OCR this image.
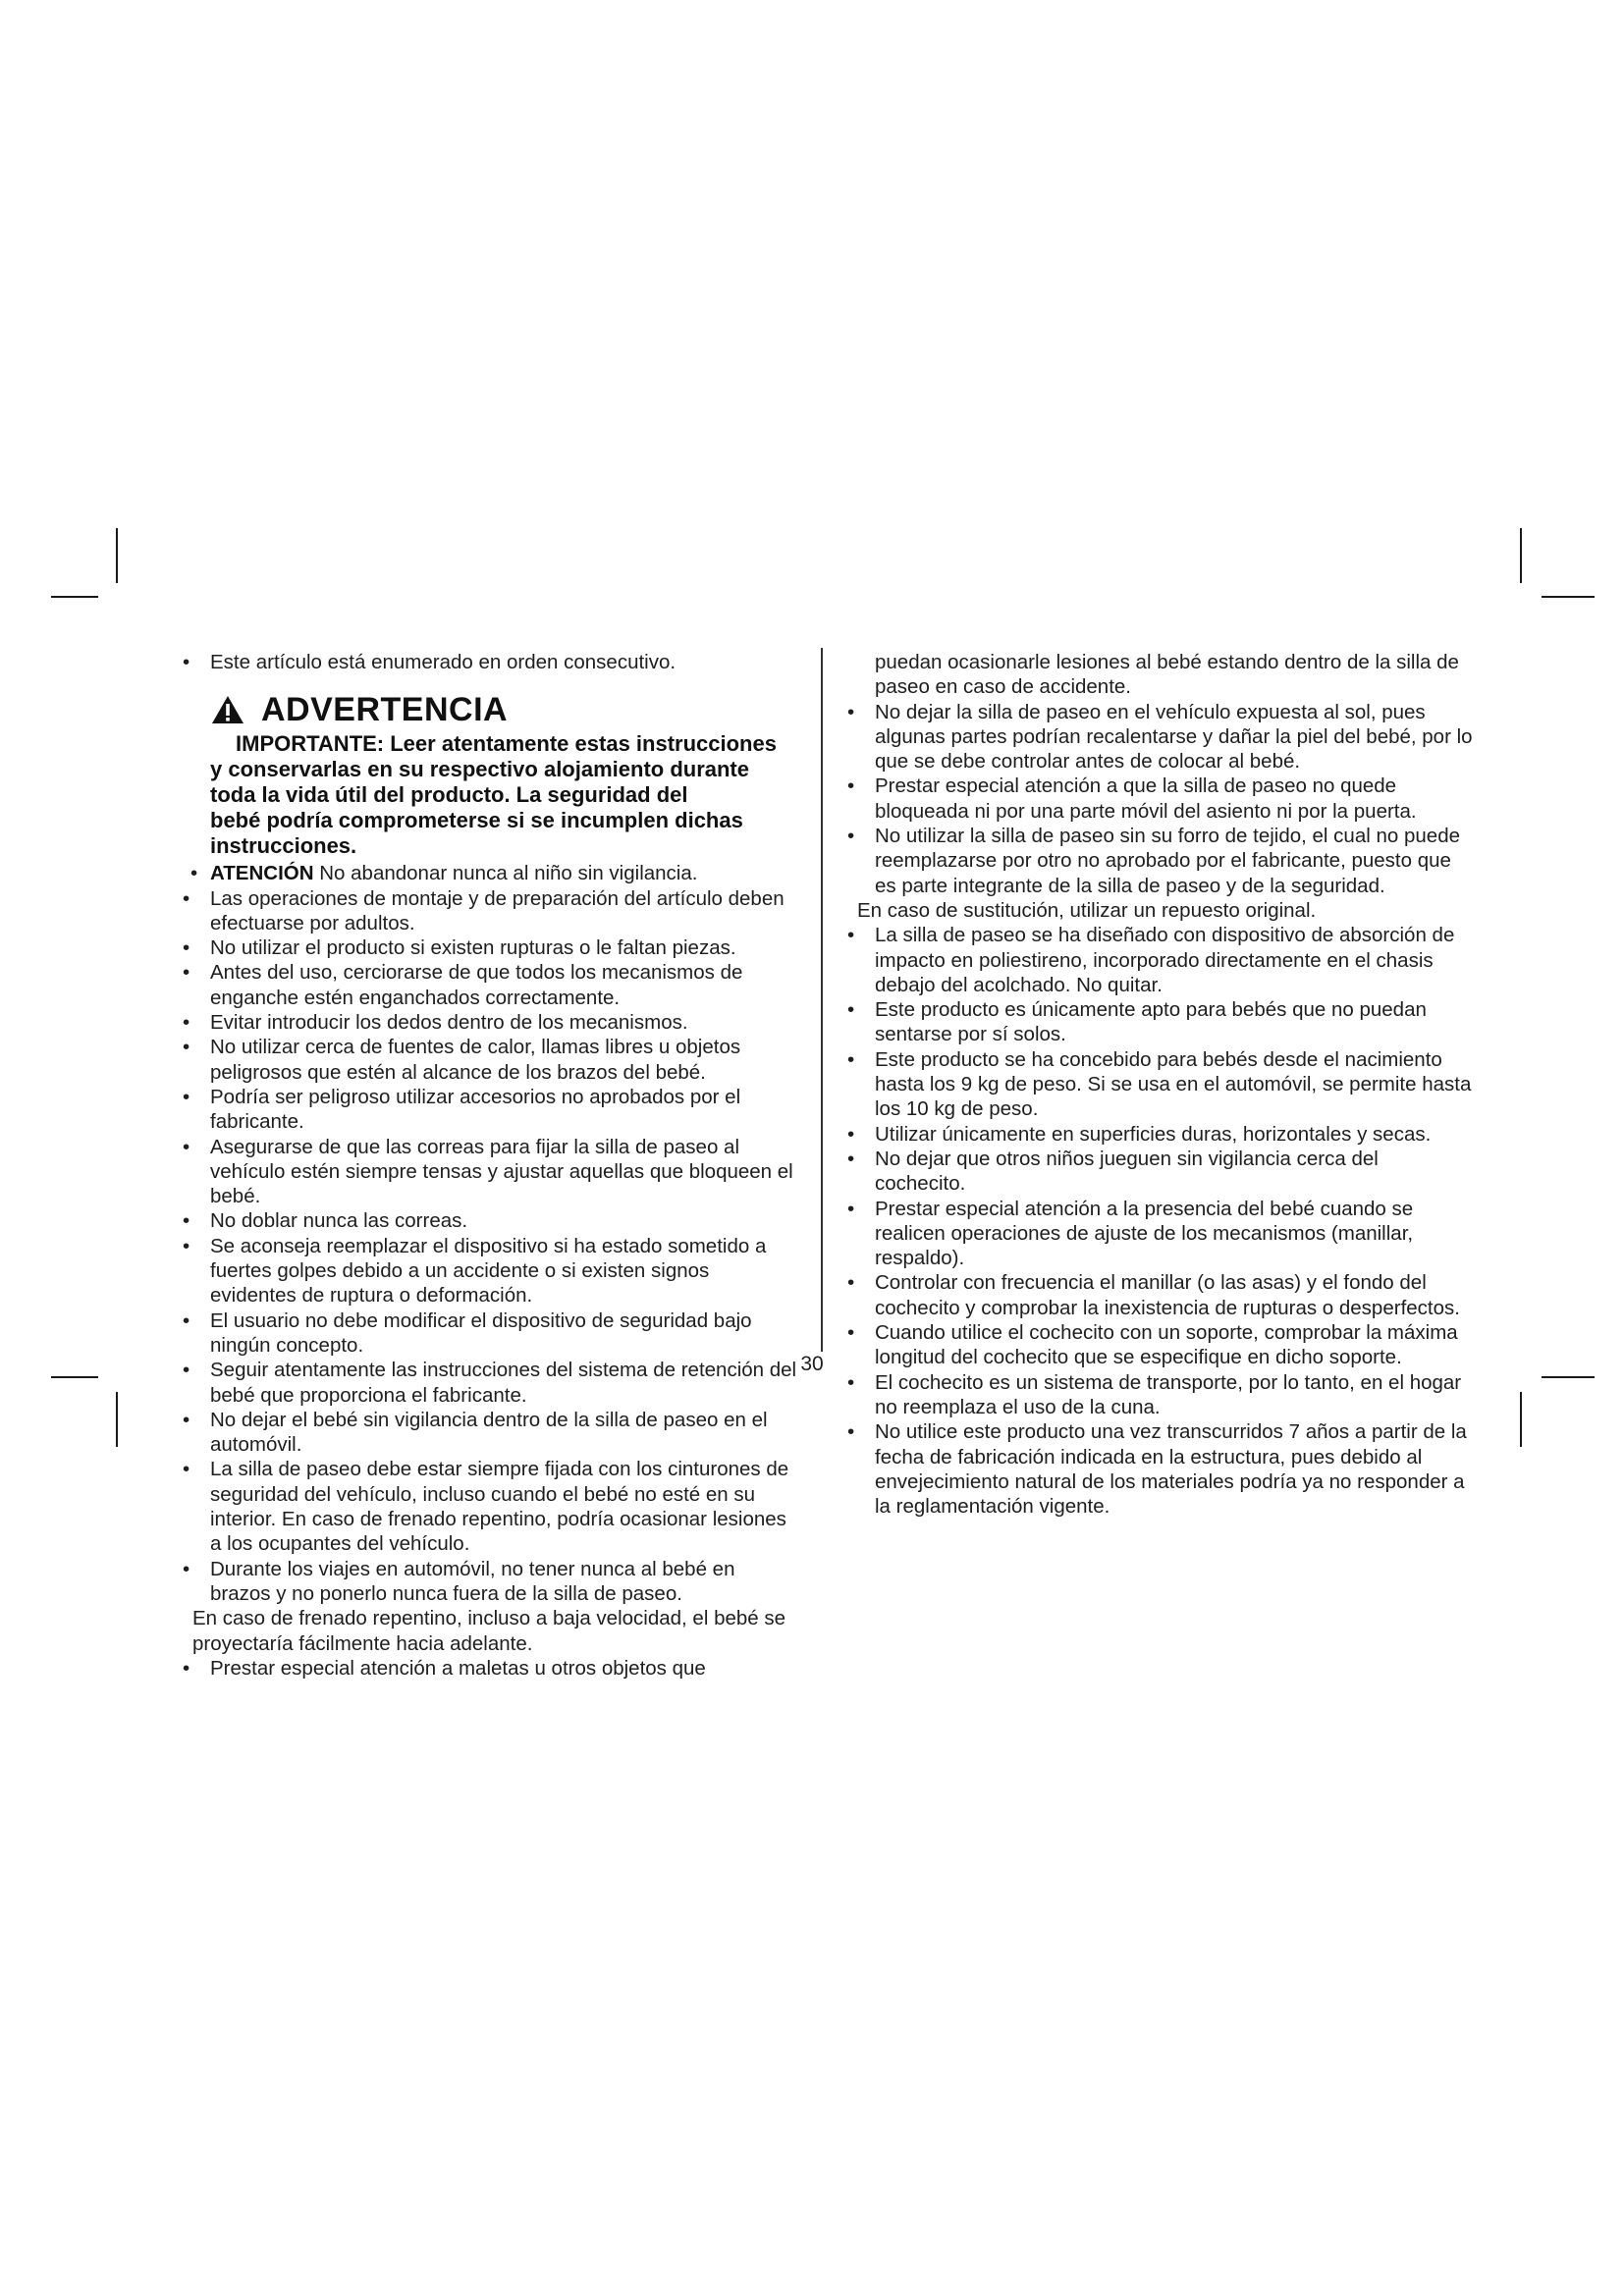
• Este artículo está enumerado en orden consecutivo.
ADVERTENCIA
IMPORTANTE: Leer atentamente estas instrucciones
y conservarlas en su respectivo alojamiento durante
toda la vida útil del producto. La seguridad del
bebé podría comprometerse si se incumplen dichas
instrucciones.
• ATENCIÓN No abandonar nunca al niño sin vigilancia.
• Las operaciones de montaje y de preparación del artículo deben efectuarse por adultos.
• No utilizar el producto si existen rupturas o le faltan piezas.
• Antes del uso, cerciorarse de que todos los mecanismos de enganche estén enganchados correctamente.
• Evitar introducir los dedos dentro de los mecanismos.
• No utilizar cerca de fuentes de calor, llamas libres u objetos peligrosos que estén al alcance de los brazos del bebé.
• Podría ser peligroso utilizar accesorios no aprobados por el fabricante.
• Asegurarse de que las correas para fijar la silla de paseo al vehículo estén siempre tensas y ajustar aquellas que bloqueen el bebé.
• No doblar nunca las correas.
• Se aconseja reemplazar el dispositivo si ha estado sometido a fuertes golpes debido a un accidente o si existen signos evidentes de ruptura o deformación.
• El usuario no debe modificar el dispositivo de seguridad bajo ningún concepto.
• Seguir atentamente las instrucciones del sistema de retención del bebé que proporciona el fabricante.
• No dejar el bebé sin vigilancia dentro de la silla de paseo en el automóvil.
• La silla de paseo debe estar siempre fijada con los cinturones de seguridad del vehículo, incluso cuando el bebé no esté en su interior. En caso de frenado repentino, podría ocasionar lesiones a los ocupantes del vehículo.
• Durante los viajes en automóvil, no tener nunca al bebé en brazos y no ponerlo nunca fuera de la silla de paseo.
En caso de frenado repentino, incluso a baja velocidad, el bebé se proyectaría fácilmente hacia adelante.
• Prestar especial atención a maletas u otros objetos que
puedan ocasionarle lesiones al bebé estando dentro de la silla de paseo en caso de accidente.
• No dejar la silla de paseo en el vehículo expuesta al sol, pues algunas partes podrían recalentarse y dañar la piel del bebé, por lo que se debe controlar antes de colocar al bebé.
• Prestar especial atención a que la silla de paseo no quede bloqueada ni por una parte móvil del asiento ni por la puerta.
• No utilizar la silla de paseo sin su forro de tejido, el cual no puede reemplazarse por otro no aprobado por el fabricante, puesto que es parte integrante de la silla de paseo y de la seguridad.
En caso de sustitución, utilizar un repuesto original.
• La silla de paseo se ha diseñado con dispositivo de absorción de impacto en poliestireno, incorporado directamente en el chasis debajo del acolchado. No quitar.
• Este producto es únicamente apto para bebés que no puedan sentarse por sí solos.
• Este producto se ha concebido para bebés desde el nacimiento hasta los 9 kg de peso. Si se usa en el automóvil, se permite hasta los 10 kg de peso.
• Utilizar únicamente en superficies duras, horizontales y secas.
• No dejar que otros niños jueguen sin vigilancia cerca del cochecito.
• Prestar especial atención a la presencia del bebé cuando se realicen operaciones de ajuste de los mecanismos (manillar, respaldo).
• Controlar con frecuencia el manillar (o las asas) y el fondo del cochecito y comprobar la inexistencia de rupturas o desperfectos.
• Cuando utilice el cochecito con un soporte, comprobar la máxima longitud del cochecito que se especifique en dicho soporte.
• El cochecito es un sistema de transporte, por lo tanto, en el hogar no reemplaza el uso de la cuna.
• No utilice este producto una vez transcurridos 7 años a partir de la fecha de fabricación indicada en la estructura, pues debido al envejecimiento natural de los materiales podría ya no responder a la reglamentación vigente.
30
